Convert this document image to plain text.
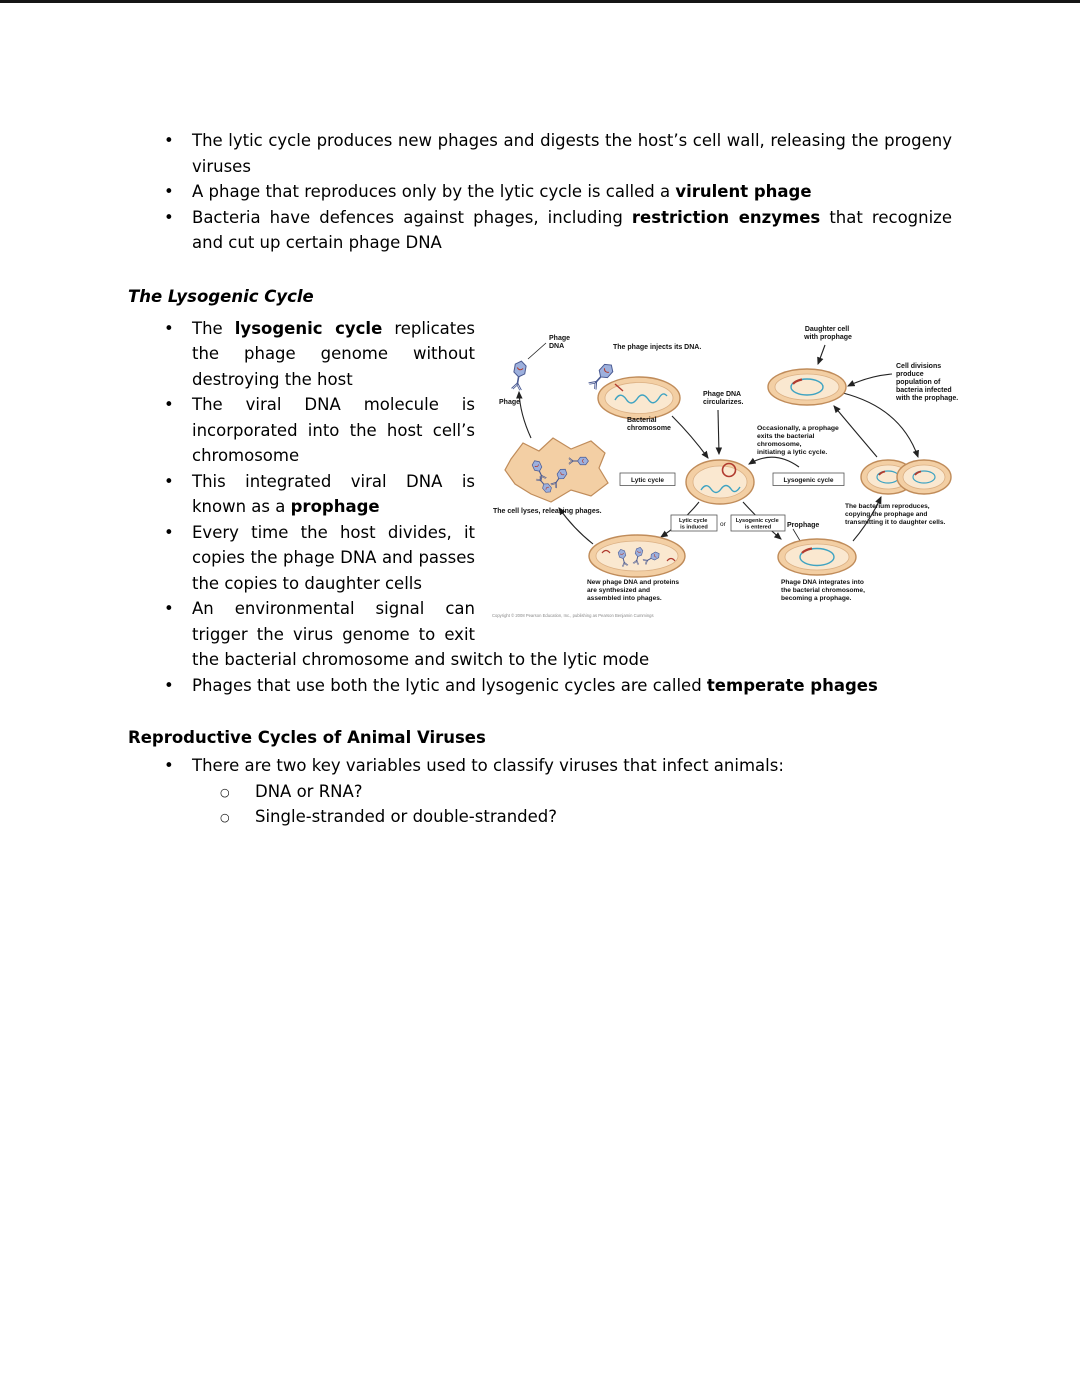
• The lytic cycle produces new phages and digests the host’s cell wall, releasing the progeny viruses
• A phage that reproduces only by the lytic cycle is called a virulent phage
• Bacteria have defences against phages, including restriction enzymes that recognize and cut up certain phage DNA
The Lysogenic Cycle
Phage DNA	The phage injects its DNA.
Daughter cell with prophage
Cell divisions produce population of bacteria infected with the prophage.
Phage
Bacterial chromosome
Phage DNA circularizes.
Occasionally, a prophage exits the bacterial chromosome, initiating a lytic cycle.
Lytic cycle	Lysogenic cycle
The bacterium reproduces, copying the prophage and transmitting it to daughter cells.
The cell lyses, releasing phages.
Lytic cycle is induced or Lysogenic cycle is entered	Prophage
New phage DNA and proteins are synthesized and assembled into phages.
Phage DNA integrates into the bacterial chromosome, becoming a prophage.
Copyright © 2008 Pearson Education, Inc., publishing as Pearson Benjamin Cummings
• The lysogenic cycle replicates the phage genome without destroying the host
• The viral DNA molecule is incorporated into the host cell’s chromosome
• This integrated viral DNA is known as a prophage
• Every time the host divides, it copies the phage DNA and passes the copies to daughter cells
• An environmental signal can trigger the virus genome to exit the bacterial chromosome and switch to the lytic mode
• Phages that use both the lytic and lysogenic cycles are called temperate phages
Reproductive Cycles of Animal Viruses
• There are two key variables used to classify viruses that infect animals:
○ DNA or RNA?
○ Single-stranded or double-stranded?
